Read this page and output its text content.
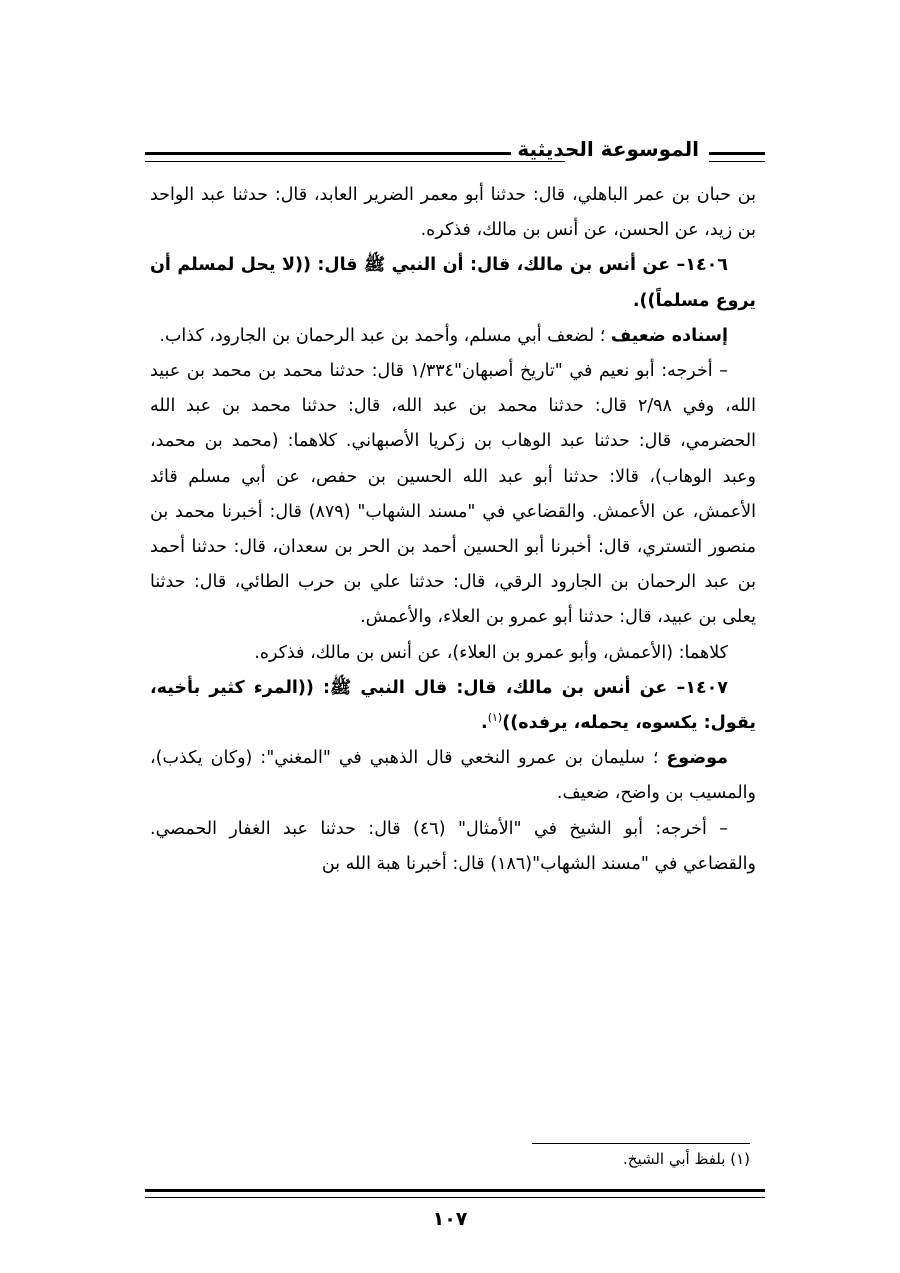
الموسوعة الحديثية

بن حبان بن عمر الباهلي، قال: حدثنا أبو معمر الضرير العابد، قال: حدثنا عبد الواحد بن زيد، عن الحسن، عن أنس بن مالك، فذكره.

١٤٠٦– عن أنس بن مالك، قال: أن النبي ﷺ قال: ((لا يحل لمسلم أن يروع مسلماً)).

إسناده ضعيف ؛ لضعف أبي مسلم، وأحمد بن عبد الرحمان بن الجارود، كذاب.

– أخرجه: أبو نعيم في "تاريخ أصبهان"١/٣٣٤ قال: حدثنا محمد بن محمد بن عبيد الله، وفي ٢/٩٨ قال: حدثنا محمد بن عبد الله، قال: حدثنا محمد بن عبد الله الحضرمي، قال: حدثنا عبد الوهاب بن زكريا الأصبهاني. كلاهما: (محمد بن محمد، وعبد الوهاب)، قالا: حدثنا أبو عبد الله الحسين بن حفص، عن أبي مسلم قائد الأعمش، عن الأعمش. والقضاعي في "مسند الشهاب" (٨٧٩) قال: أخبرنا محمد بن منصور التستري، قال: أخبرنا أبو الحسين أحمد بن الحر بن سعدان، قال: حدثنا أحمد بن عبد الرحمان بن الجارود الرقي، قال: حدثنا علي بن حرب الطائي، قال: حدثنا يعلى بن عبيد، قال: حدثنا أبو عمرو بن العلاء، والأعمش.

كلاهما: (الأعمش، وأبو عمرو بن العلاء)، عن أنس بن مالك، فذكره.

١٤٠٧– عن أنس بن مالك، قال: قال النبي ﷺ: ((المرء كثير بأخيه، يقول: يكسوه، يحمله، يرفده))$^{(١)}$.

موضوع ؛ سليمان بن عمرو النخعي قال الذهبي في "المغني": (وكان يكذب)، والمسيب بن واضح، ضعيف.

– أخرجه: أبو الشيخ في "الأمثال" (٤٦) قال: حدثنا عبد الغفار الحمصي. والقضاعي في "مسند الشهاب"(١٨٦) قال: أخبرنا هبة الله بن

(١) بلفظ أبي الشيخ.
١٠٧
